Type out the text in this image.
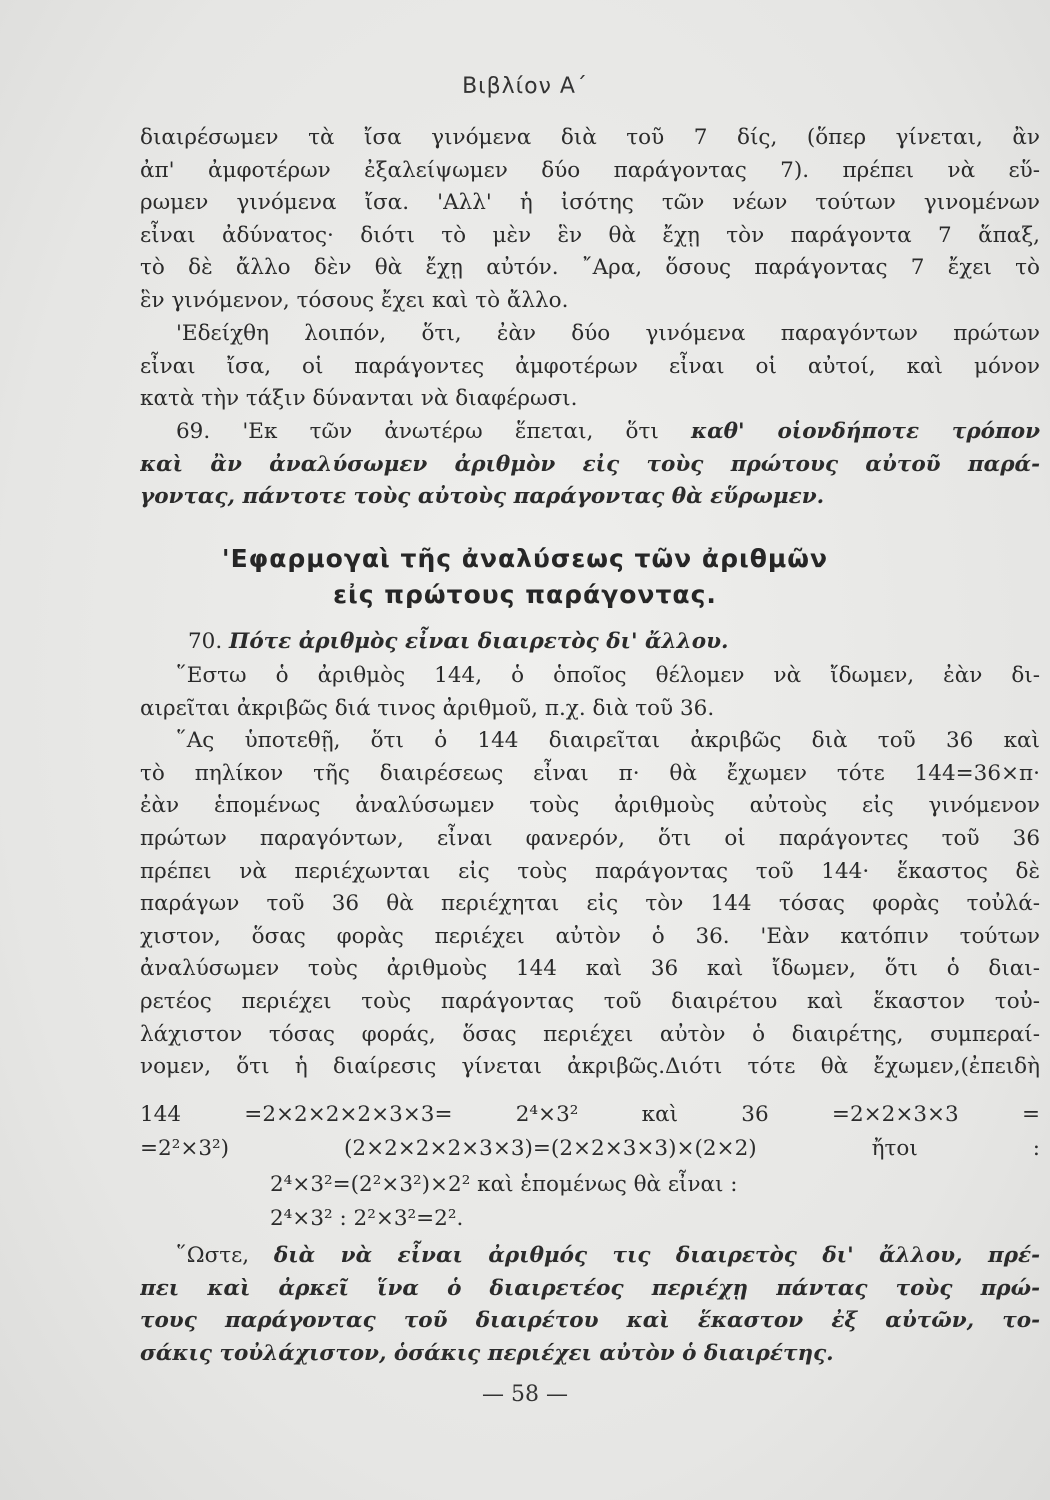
Βιβλίον Α΄
διαιρέσωμεν τὰ ἴσα γινόμενα διὰ τοῦ 7 δίς, (ὅπερ γίνεται, ἂν
ἀπ' ἀμφοτέρων ἐξαλείψωμεν δύο παράγοντας 7). πρέπει νὰ εὕ-
ρωμεν γινόμενα ἴσα. 'Αλλ' ἡ ἰσότης τῶν νέων τούτων γινομένων
εἶναι ἀδύνατος· διότι τὸ μὲν ἓν θὰ ἔχῃ τὸν παράγοντα 7 ἅπαξ,
τὸ δὲ ἄλλο δὲν θὰ ἔχῃ αὐτόν. ῎Αρα, ὅσους παράγοντας 7 ἔχει τὸ
ἓν γινόμενον, τόσους ἔχει καὶ τὸ ἄλλο.
'Εδείχθη λοιπόν, ὅτι, ἐὰν δύο γινόμενα παραγόντων πρώτων
εἶναι ἴσα, οἱ παράγοντες ἀμφοτέρων εἶναι οἱ αὐτοί, καὶ μόνον
κατὰ τὴν τάξιν δύνανται νὰ διαφέρωσι.
69. 'Εκ τῶν ἀνωτέρω ἕπεται, ὅτι καθ' οἱονδήποτε τρόπον
καὶ ἂν ἀναλύσωμεν ἀριθμὸν εἰς τοὺς πρώτους αὐτοῦ παρά-
γοντας, πάντοτε τοὺς αὐτοὺς παράγοντας θὰ εὕρωμεν.
'Εφαρμογαὶ τῆς ἀναλύσεως τῶν ἀριθμῶν
εἰς πρώτους παράγοντας.
70. Πότε ἀριθμὸς εἶναι διαιρετὸς δι' ἄλλου.
῞Εστω ὁ ἀριθμὸς 144, ὁ ὁποῖος θέλομεν νὰ ἴδωμεν, ἐὰν δι-
αιρεῖται ἀκριβῶς διά τινος ἀριθμοῦ, π.χ. διὰ τοῦ 36.
῞Ας ὑποτεθῇ, ὅτι ὁ 144 διαιρεῖται ἀκριβῶς διὰ τοῦ 36 καὶ
τὸ πηλίκον τῆς διαιρέσεως εἶναι π· θὰ ἔχωμεν τότε 144=36×π·
ἐὰν ἑπομένως ἀναλύσωμεν τοὺς ἀριθμοὺς αὐτοὺς εἰς γινόμενον
πρώτων παραγόντων, εἶναι φανερόν, ὅτι οἱ παράγοντες τοῦ 36
πρέπει νὰ περιέχωνται εἰς τοὺς παράγοντας τοῦ 144· ἕκαστος δὲ
παράγων τοῦ 36 θὰ περιέχηται εἰς τὸν 144 τόσας φορὰς τοὐλά-
χιστον, ὅσας φορὰς περιέχει αὐτὸν ὁ 36. 'Εὰν κατόπιν τούτων
ἀναλύσωμεν τοὺς ἀριθμοὺς 144 καὶ 36 καὶ ἴδωμεν, ὅτι ὁ διαι-
ρετέος περιέχει τοὺς παράγοντας τοῦ διαιρέτου καὶ ἕκαστον τοὐ-
λάχιστον τόσας φοράς, ὅσας περιέχει αὐτὸν ὁ διαιρέτης, συμπεραί-
νομεν, ὅτι ἡ διαίρεσις γίνεται ἀκριβῶς.Διότι τότε θὰ ἔχωμεν,(ἐπειδὴ
144 =2×2×2×2×3×3= 2⁴×3² καὶ 36 =2×2×3×3 =
=2²×3²) (2×2×2×2×3×3)=(2×2×3×3)×(2×2) ἤτοι :
2⁴×3²=(2²×3²)×2² καὶ ἑπομένως θὰ εἶναι :
2⁴×3² : 2²×3²=2².
῞Ωστε, διὰ νὰ εἶναι ἀριθμός τις διαιρετὸς δι' ἄλλου, πρέ-
πει καὶ ἀρκεῖ ἵνα ὁ διαιρετέος περιέχῃ πάντας τοὺς πρώ-
τους παράγοντας τοῦ διαιρέτου καὶ ἕκαστον ἐξ αὐτῶν, το-
σάκις τοὐλάχιστον, ὁσάκις περιέχει αὐτὸν ὁ διαιρέτης.
— 58 —
